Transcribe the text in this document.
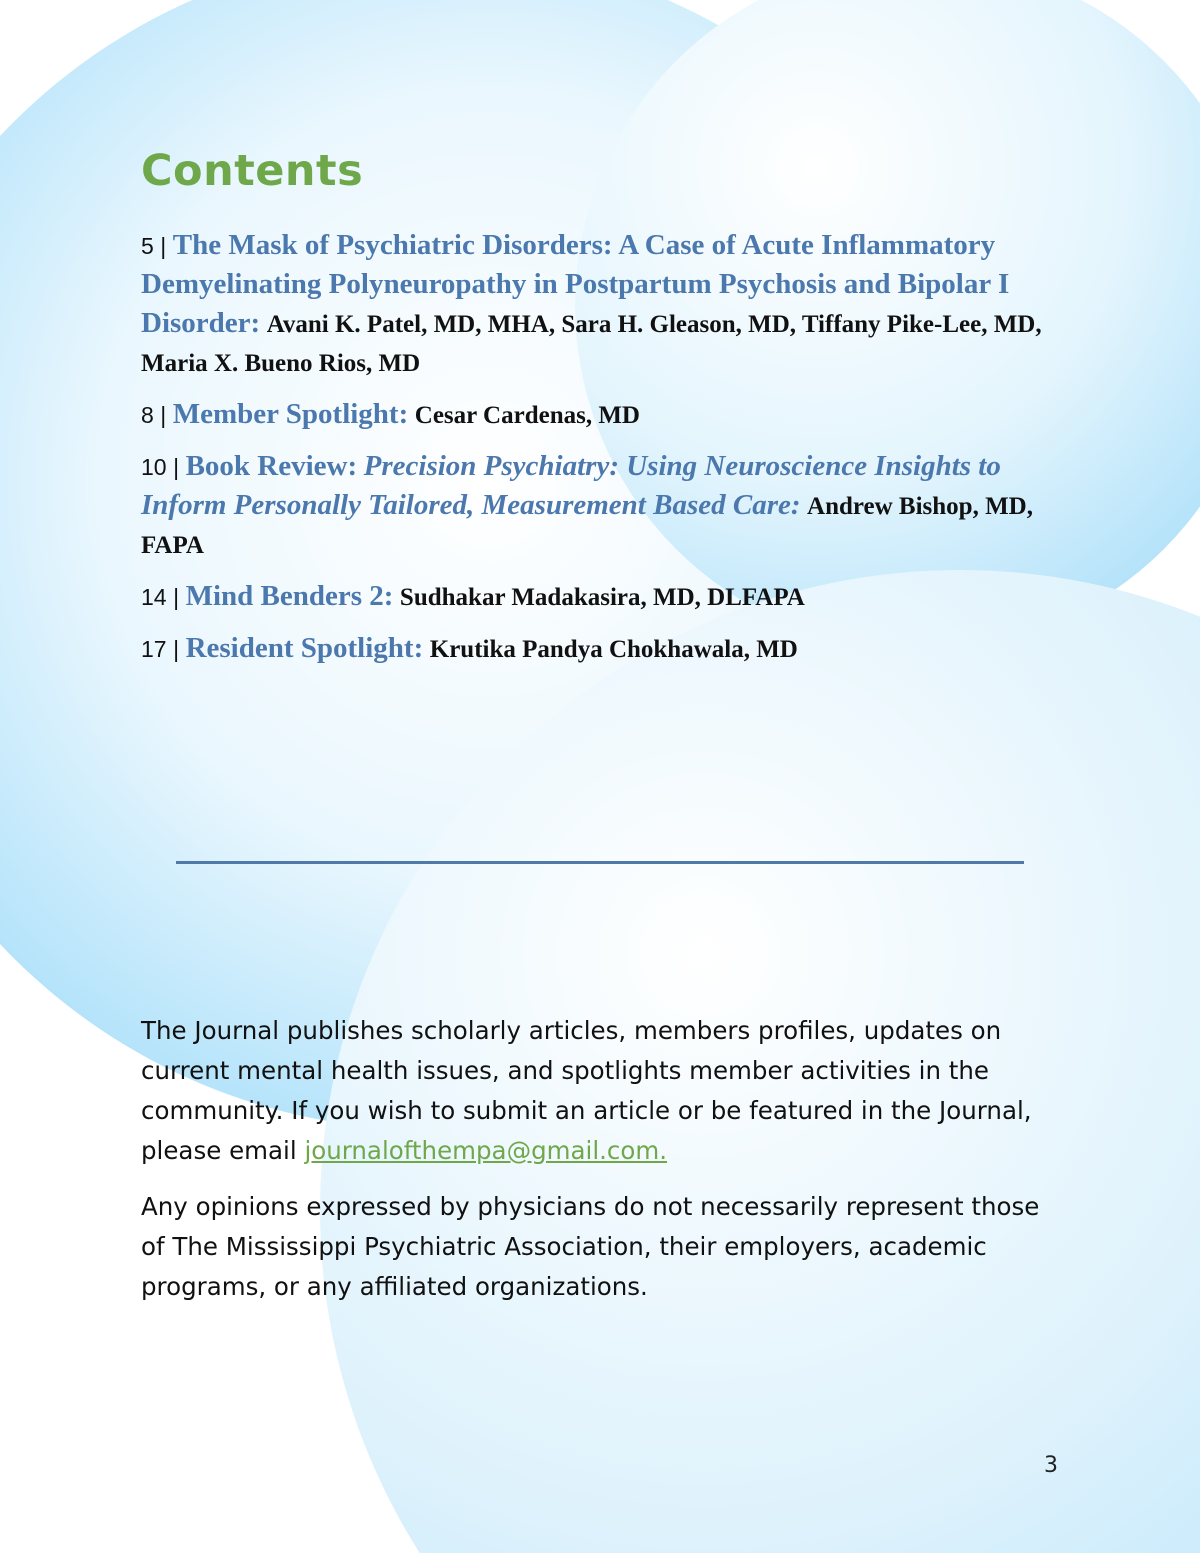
Contents

5 | The Mask of Psychiatric Disorders: A Case of Acute Inflammatory Demyelinating Polyneuropathy in Postpartum Psychosis and Bipolar I Disorder: Avani K. Patel, MD, MHA, Sara H. Gleason, MD, Tiffany Pike-Lee, MD, Maria X. Bueno Rios, MD

8 | Member Spotlight: Cesar Cardenas, MD

10 | Book Review: Precision Psychiatry: Using Neuroscience Insights to Inform Personally Tailored, Measurement Based Care: Andrew Bishop, MD, FAPA

14 | Mind Benders 2: Sudhakar Madakasira, MD, DLFAPA

17 | Resident Spotlight: Krutika Pandya Chokhawala, MD

The Journal publishes scholarly articles, members profiles, updates on current mental health issues, and spotlights member activities in the community. If you wish to submit an article or be featured in the Journal, please email journalofthempa@gmail.com.

Any opinions expressed by physicians do not necessarily represent those of The Mississippi Psychiatric Association, their employers, academic programs, or any affiliated organizations.

3
